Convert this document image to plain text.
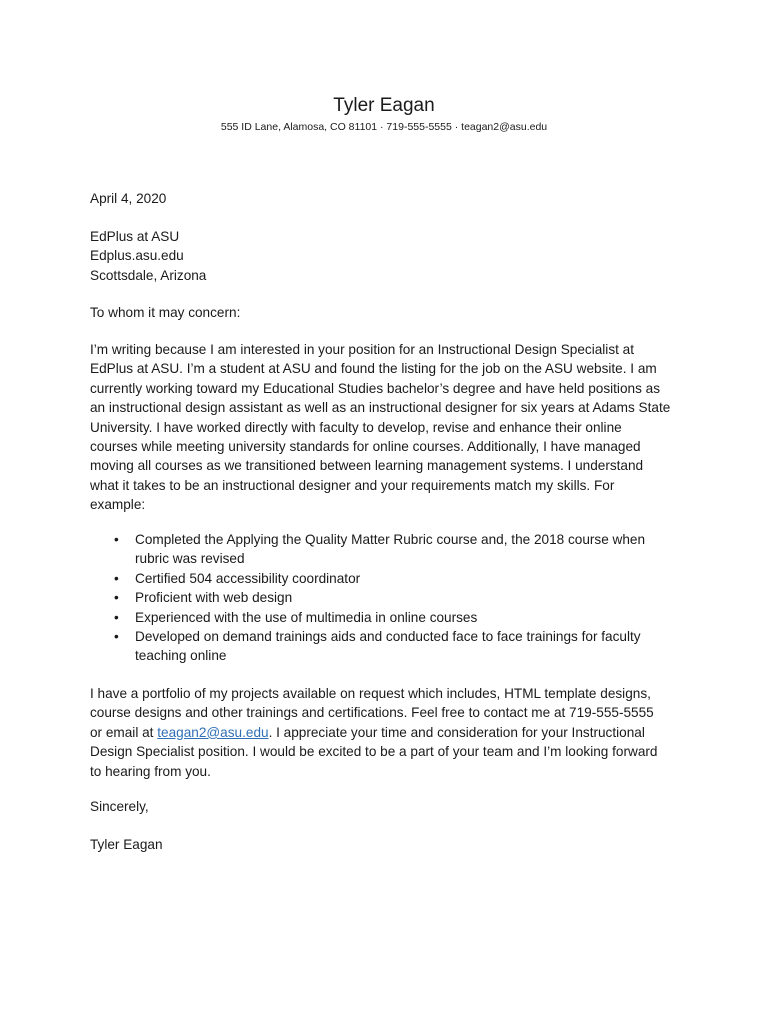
Tyler Eagan
555 ID Lane, Alamosa, CO 81101 · 719-555-5555 · teagan2@asu.edu

April 4, 2020

EdPlus at ASU

Edplus.asu.edu

Scottsdale, Arizona

To whom it may concern:

I’m writing because I am interested in your position for an Instructional Design Specialist at

EdPlus at ASU. I’m a student at ASU and found the listing for the job on the ASU website. I am

currently working toward my Educational Studies bachelor’s degree and have held positions as

an instructional design assistant as well as an instructional designer for six years at Adams State

University. I have worked directly with faculty to develop, revise and enhance their online

courses while meeting university standards for online courses. Additionally, I have managed

moving all courses as we transitioned between learning management systems. I understand

what it takes to be an instructional designer and your requirements match my skills. For

example:

• Completed the Applying the Quality Matter Rubric course and, the 2018 course when
rubric was revised
• Certified 504 accessibility coordinator
• Proficient with web design
• Experienced with the use of multimedia in online courses
• Developed on demand trainings aids and conducted face to face trainings for faculty
teaching online

I have a portfolio of my projects available on request which includes, HTML template designs,

course designs and other trainings and certifications. Feel free to contact me at 719-555-5555

or email at teagan2@asu.edu. I appreciate your time and consideration for your Instructional

Design Specialist position. I would be excited to be a part of your team and I’m looking forward

to hearing from you.

Sincerely,

Tyler Eagan
